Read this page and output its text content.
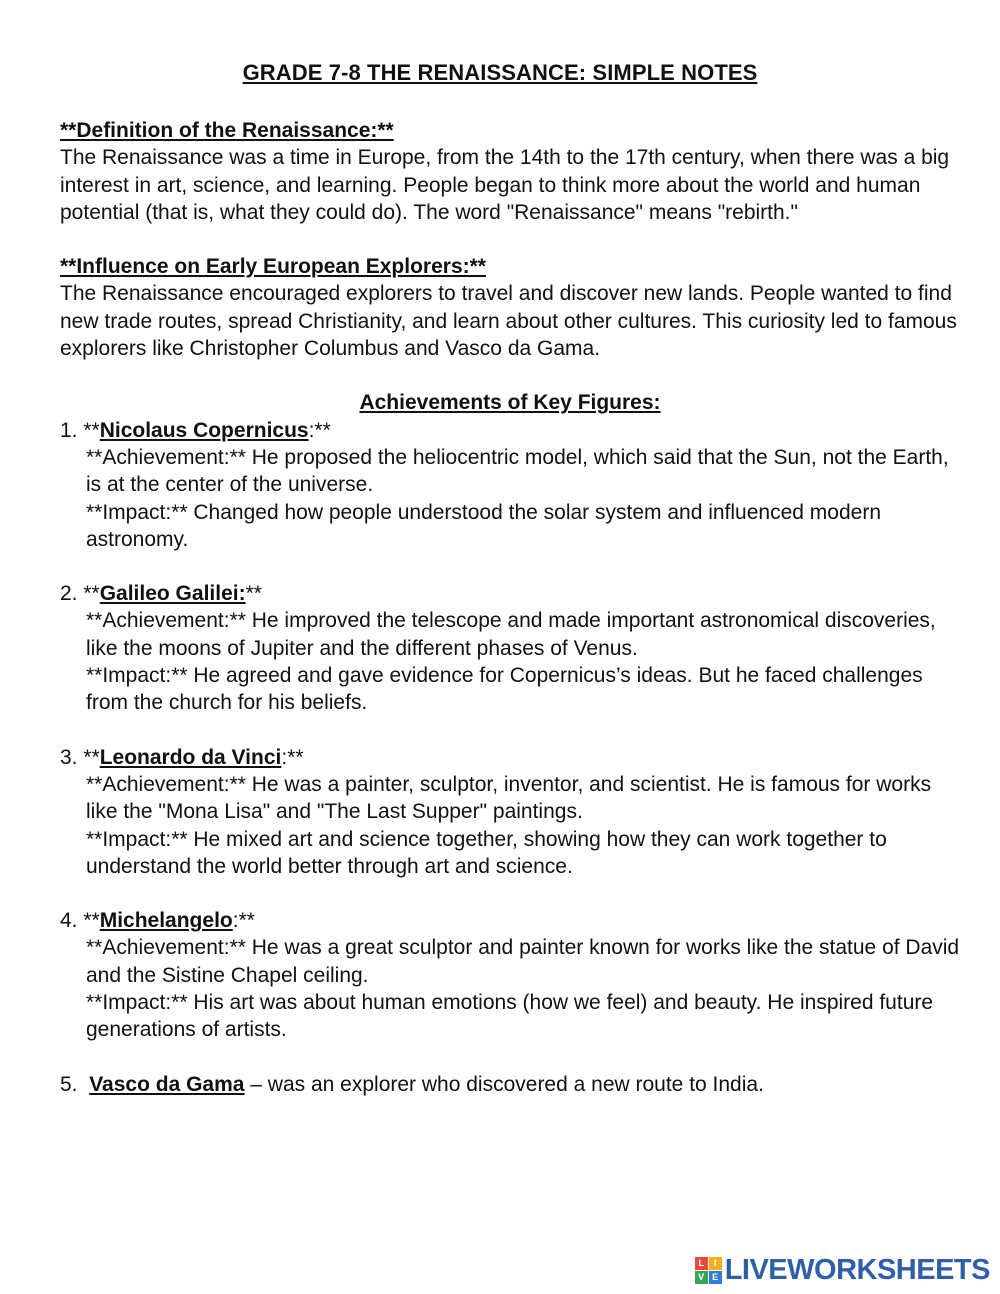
GRADE 7-8 THE RENAISSANCE: SIMPLE NOTES

**Definition of the Renaissance:**

The Renaissance was a time in Europe, from the 14th to the 17th century, when there was a big interest in art, science, and learning. People began to think more about the world and human potential (that is, what they could do). The word "Renaissance" means "rebirth."

**Influence on Early European Explorers:**

The Renaissance encouraged explorers to travel and discover new lands. People wanted to find new trade routes, spread Christianity, and learn about other cultures. This curiosity led to famous explorers like Christopher Columbus and Vasco da Gama.

Achievements of Key Figures:

1. **Nicolaus Copernicus:**

**Achievement:** He proposed the heliocentric model, which said that the Sun, not the Earth, is at the center of the universe.

**Impact:** Changed how people understood the solar system and influenced modern astronomy.

2. **Galileo Galilei:**

**Achievement:** He improved the telescope and made important astronomical discoveries, like the moons of Jupiter and the different phases of Venus.

**Impact:** He agreed and gave evidence for Copernicus’s ideas. But he faced challenges from the church for his beliefs.

3. **Leonardo da Vinci:**

**Achievement:** He was a painter, sculptor, inventor, and scientist. He is famous for works like the "Mona Lisa" and "The Last Supper" paintings.

**Impact:** He mixed art and science together, showing how they can work together to understand the world better through art and science.

4. **Michelangelo:**

**Achievement:** He was a great sculptor and painter known for works like the statue of David and the Sistine Chapel ceiling.

**Impact:** His art was about human emotions (how we feel) and beauty. He inspired future generations of artists.

5.  Vasco da Gama – was an explorer who discovered a new route to India.

L	I
V E LIVEWORKSHEETS
